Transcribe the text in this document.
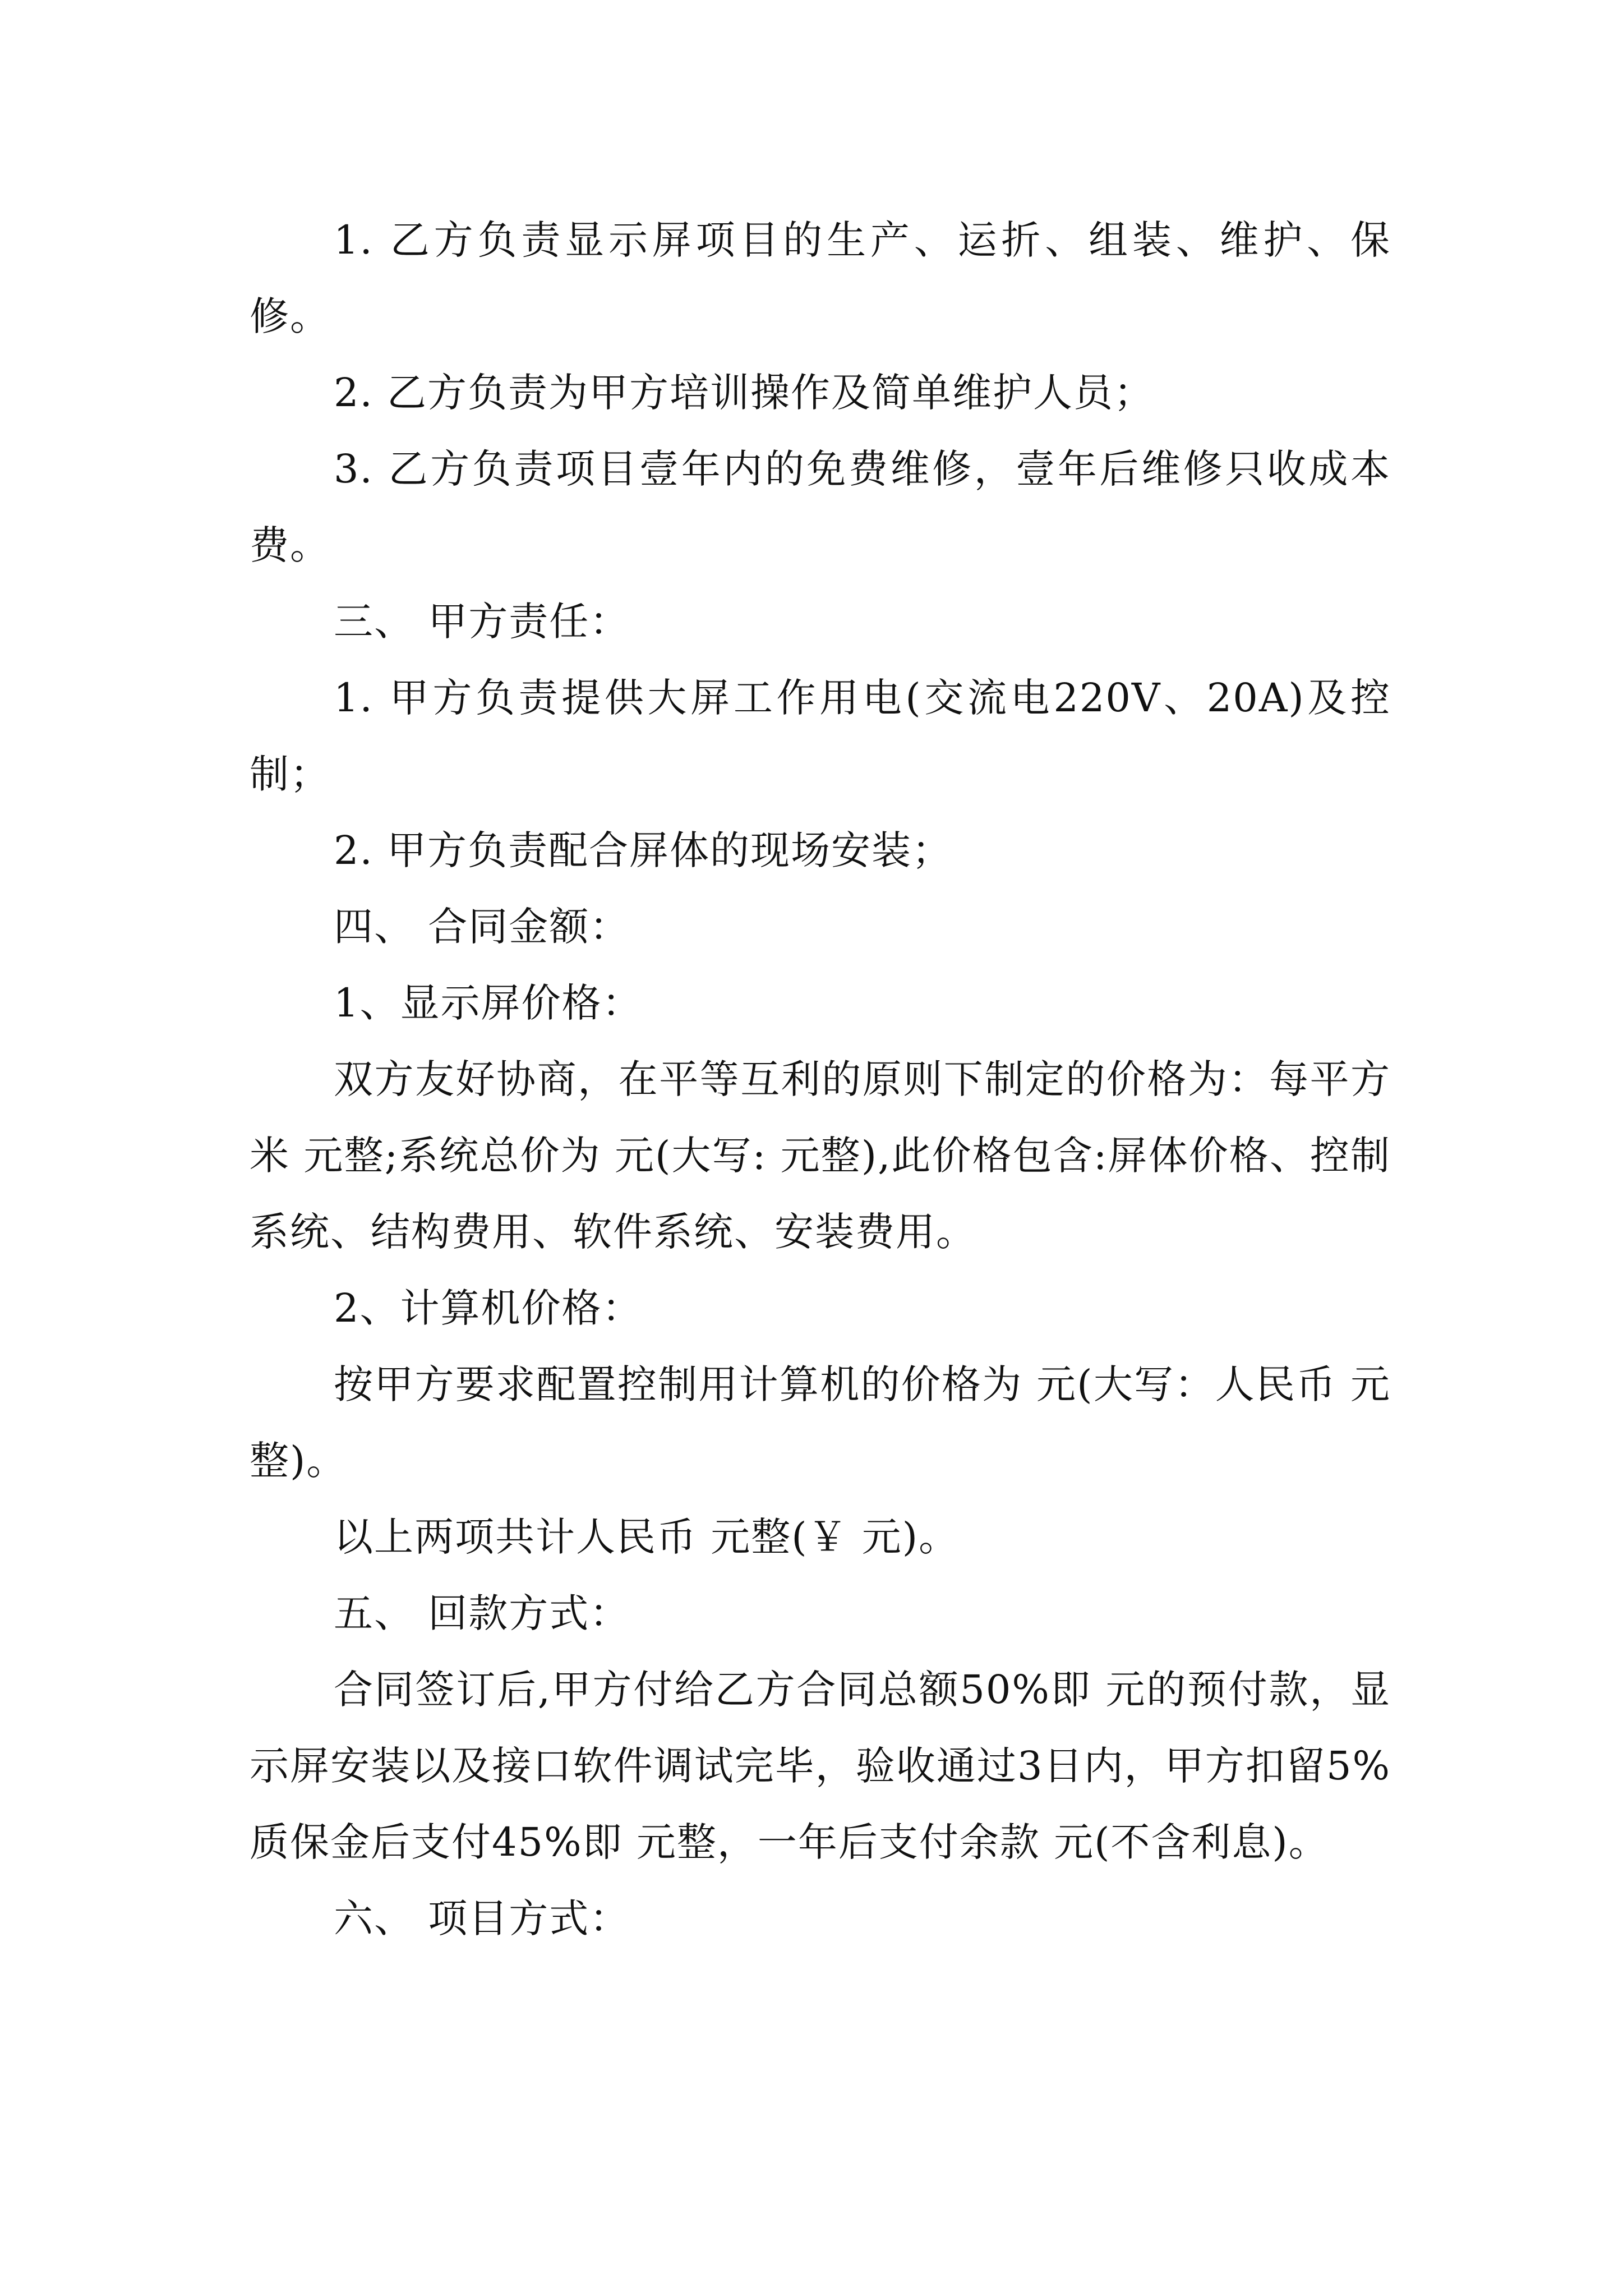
1. 乙方负责显示屏项目的生产、运折、组装、维护、保修。

2. 乙方负责为甲方培训操作及简单维护人员；

3. 乙方负责项目壹年内的免费维修，壹年后维修只收成本费。

三、 甲方责任：

1. 甲方负责提供大屏工作用电(交流电220V、20A)及控制；

2. 甲方负责配合屏体的现场安装；

四、 合同金额：

1、显示屏价格：

双方友好协商，在平等互利的原则下制定的价格为：每平方米 元整;系统总价为 元(大写: 元整),此价格包含:屏体价格、控制系统、结构费用、软件系统、安装费用。

2、计算机价格：

按甲方要求配置控制用计算机的价格为 元(大写：人民币 元整)。

以上两项共计人民币 元整(￥ 元)。

五、 回款方式：

合同签订后,甲方付给乙方合同总额50%即 元的预付款，显示屏安装以及接口软件调试完毕，验收通过3日内，甲方扣留5%质保金后支付45%即 元整，一年后支付余款 元(不含利息)。

六、 项目方式：
